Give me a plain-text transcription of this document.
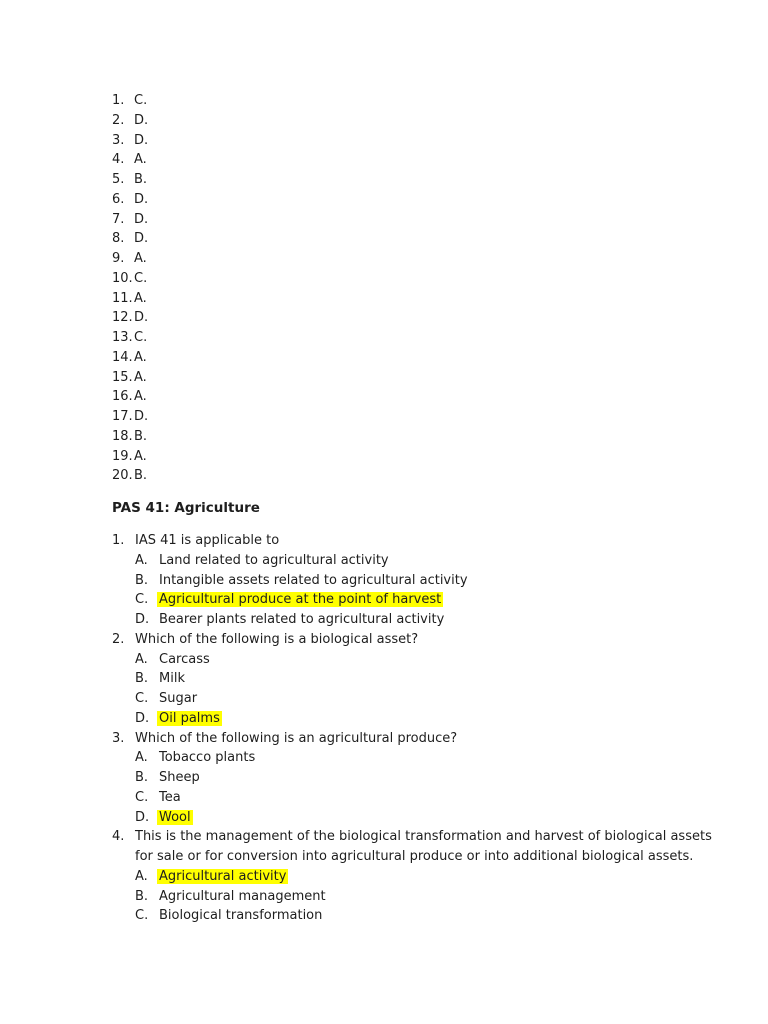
1. C.
2. D.
3. D.
4. A.
5. B.
6. D.
7. D.
8. D.
9. A.
10.C.
11.A.
12.D.
13.C.
14.A.
15.A.
16.A.
17.D.
18.B.
19.A.
20.B.
PAS 41: Agriculture
1. IAS 41 is applicable to
A. Land related to agricultural activity
B. Intangible assets related to agricultural activity
C. Agricultural produce at the point of harvest
D. Bearer plants related to agricultural activity
2. Which of the following is a biological asset?
A. Carcass
B. Milk
C. Sugar
D. Oil palms
3. Which of the following is an agricultural produce?
A. Tobacco plants
B. Sheep
C. Tea
D. Wool
4. This is the management of the biological transformation and harvest of biological assets
for sale or for conversion into agricultural produce or into additional biological assets.
A. Agricultural activity
B. Agricultural management
C. Biological transformation
